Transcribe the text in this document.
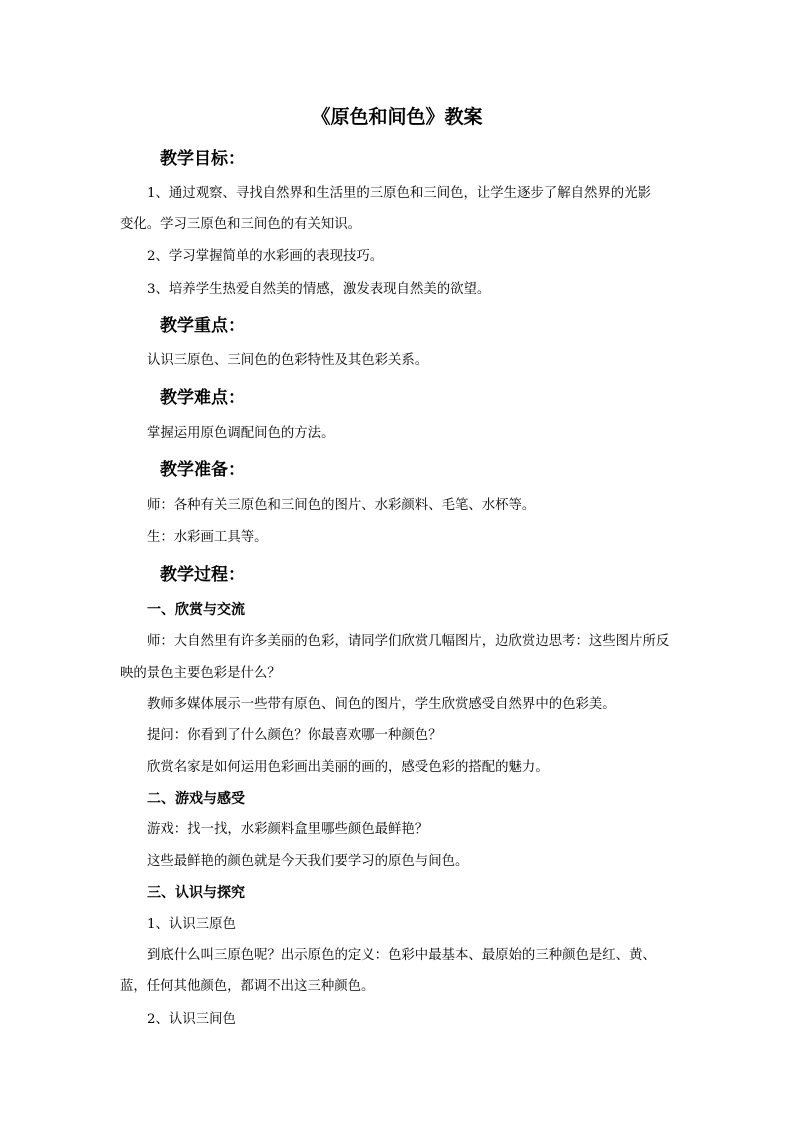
《原色和间色》教案
教学目标：
1、通过观察、寻找自然界和生活里的三原色和三间色，让学生逐步了解自然界的光影
变化。学习三原色和三间色的有关知识。
2、学习掌握简单的水彩画的表现技巧。
3、培养学生热爱自然美的情感，激发表现自然美的欲望。
教学重点：
认识三原色、三间色的色彩特性及其色彩关系。
教学难点：
掌握运用原色调配间色的方法。
教学准备：
师：各种有关三原色和三间色的图片、水彩颜料、毛笔、水杯等。
生：水彩画工具等。
教学过程：
一、欣赏与交流
师：大自然里有许多美丽的色彩，请同学们欣赏几幅图片，边欣赏边思考：这些图片所反
映的景色主要色彩是什么？
教师多媒体展示一些带有原色、间色的图片，学生欣赏感受自然界中的色彩美。
提问：你看到了什么颜色？你最喜欢哪一种颜色？
欣赏名家是如何运用色彩画出美丽的画的，感受色彩的搭配的魅力。
二、游戏与感受
游戏：找一找，水彩颜料盒里哪些颜色最鲜艳？
这些最鲜艳的颜色就是今天我们要学习的原色与间色。
三、认识与探究
1、认识三原色
到底什么叫三原色呢？出示原色的定义：色彩中最基本、最原始的三种颜色是红、黄、
蓝，任何其他颜色，都调不出这三种颜色。
2、认识三间色
